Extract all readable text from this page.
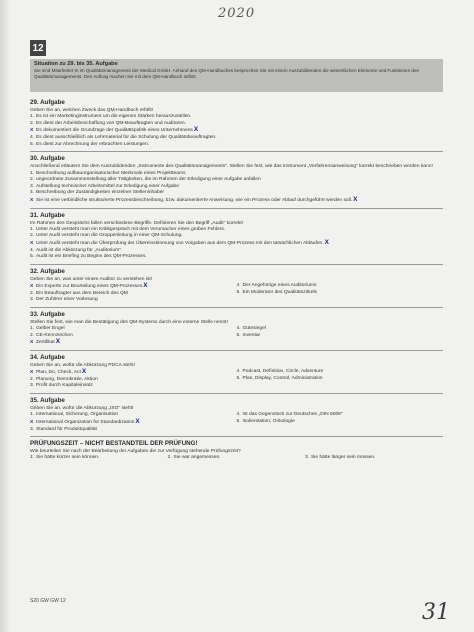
2020
12
Situation zu 29. bis 35. Aufgabe
Sie sind Mitarbeiter-in im Qualitätsmanagement der Medical GmbH. Anhand des QM-Handbuches besprechen Sie mit einem Auszubildenden die wesentlichen Elemente und Funktionen des Qualitätsmanagements. Den Auftrag machen Sie mit dem QM-Handbuch selbst.
29. Aufgabe
Geben Sie an, welchen Zweck das QM-Handbuch erfüllt!
1. Es ist ein Marketinginstrument um die eigenen Stärken herauszustellen.
2. Es dient der Arbeitsbeschaffung von QM-Beauftragten und Auditoren.
X Es dokumentiert die Grundzüge der Qualitätspolitik eines UnternehmensX
4. Es dient ausschließlich als Lehrmaterial für die Schulung der Qualitätsbeauftragten.
5. Es dient zur Abrechnung der erbrachten Leistungen.
30. Aufgabe
Anschließend erläutern Sie dem Auszubildenden „Instrumente des Qualitätsmanagements". Stellen Sie fest, wie das Instrument „Verfahrensanweisung" korrekt beschrieben werden kann!
1. Beschreibung aufbauorganisatorischer Merkmale eines Projektteams
2. ungeordnete Zusammenstellung aller Tätigkeiten, die im Rahmen der Erledigung einer Aufgabe anfallen
3. Aufstellung technischer Arbeitsmittel zur Erledigung einer Aufgabe
4. Beschreibung der Zuständigkeiten einzelner Stelleninhaber
X Sie ist eine verbindliche strukturierte Prozessbeschreibung, bzw. dokumentierte Anweisung, wie ein Prozess oder Ablauf durchgeführt werden soll.X
31. Aufgabe
Im Rahmen des Gesprächs fallen verschiedene Begriffe. Definieren Sie den Begriff „Audit" korrekt!
1. Unter Audit versteht man ein Kritikgespräch mit dem Verursacher eines groben Fehlers.
2. Unter Audit versteht man die Gruppenleitung in einer QM-Schulung.
X Unter Audit versteht man die Überprüfung der Übereinstimmung von Vorgaben aus dem QM-Prozess mit den tatsächlichen Abläufen.X
4. Audit ist die Abkürzung für „Auditorium".
5. Audit ist ein Briefing zu Beginn des QM-Prozesses.
32. Aufgabe
Geben Sie an, was unter einem Auditor zu verstehen ist!
X Ein Experte zur Beurteilung eines QM-ProzessesX
2. Ein Beauftragter aus dem Bereich des QM
3. Der Zuhörer einer Vorlesung
4. Der Angehörige eines Auditoriums
5. Ein Moderator des Qualitätszirkels
33. Aufgabe
Stellen Sie fest, wie man die Bestätigung des QM-Systems durch eine externe Stelle nennt!
1. Gelber Engel
2. CE-Kennzeichen
X ZertifikatX
4. Gütesiegel
5. Inventar
34. Aufgabe
Geben Sie an, wofür die Abkürzung PDCA steht!
X Plan, Do, Check, ActX
2. Planung, Demokratie, Aktion
3. Profit durch Kapitaleinsatz
4. Podcast, Definition, Circle, Adventure
5. Plan, Display, Control, Administration
35. Aufgabe
Geben Sie an, wofür die Abkürzung „ISO" steht!
1. International, Sicherung, Organisation
X International Organization for StandardizationX
3. Standard für Produktqualität
4. Ist das Gegenstück zur Deutschen „DIN 5008"
5. Isolierstation, Onkologie
PRÜFUNGSZEIT – NICHT BESTANDTEIL DER PRÜFUNG!
Wie beurteilen Sie nach der Bearbeitung der Aufgaben die zur Verfügung stehende Prüfungszeit?
1. Sie hätte kürzer sein können.	2. Sie war angemessen.	3. Sie hätte länger sein müssen.
S20 GW GW 12	31
